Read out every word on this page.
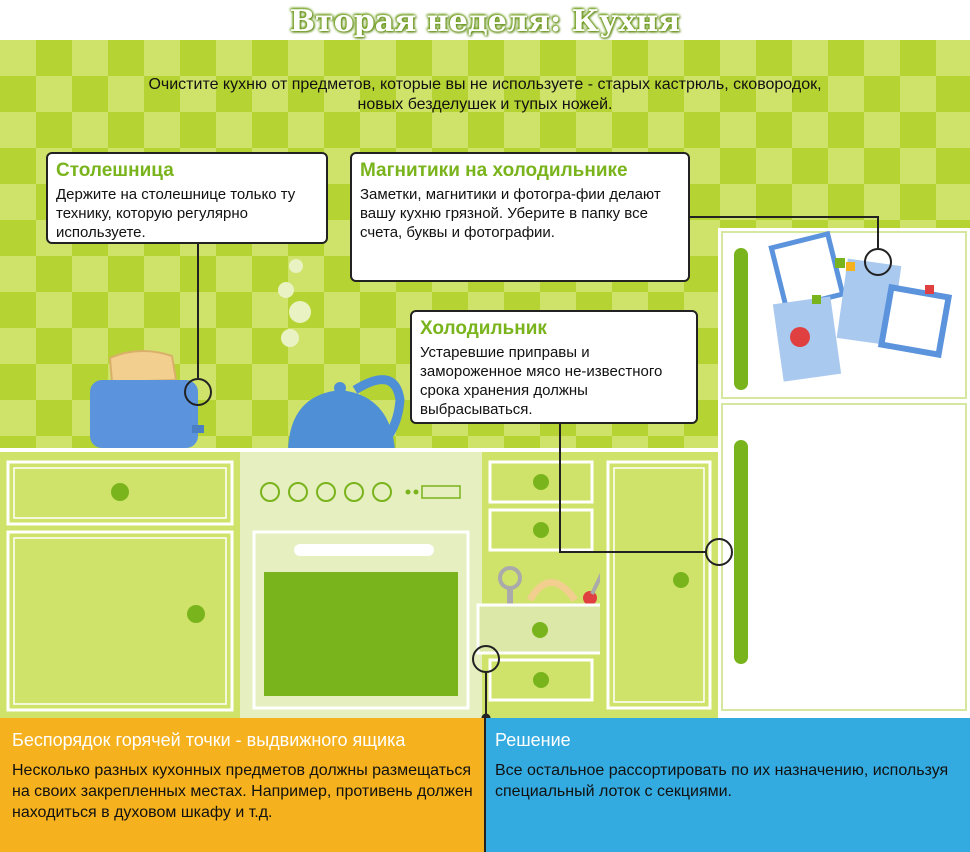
Вторая неделя: Кухня
Очистите кухню от предметов, которые вы не используете - старых кастрюль, сковородок,
новых безделушек и тупых ножей.
Столешница

Держите на столешнице только ту технику, которую регулярно используете.

Магнитики на холодильнике

Заметки, магнитики и фотогра-фии делают вашу кухню грязной. Уберите в папку все счета, буквы и фотографии.

Холодильник

Устаревшие приправы и замороженное мясо не-известного срока хранения должны выбрасываться.

Беспорядок горячей точки - выдвижного ящика

Несколько разных кухонных предметов должны размещаться на своих закрепленных местах. Например, противень должен находиться в духовом шкафу и т.д.

Решение

Все остальное рассортировать по их назначению, используя специальный лоток с секциями.
